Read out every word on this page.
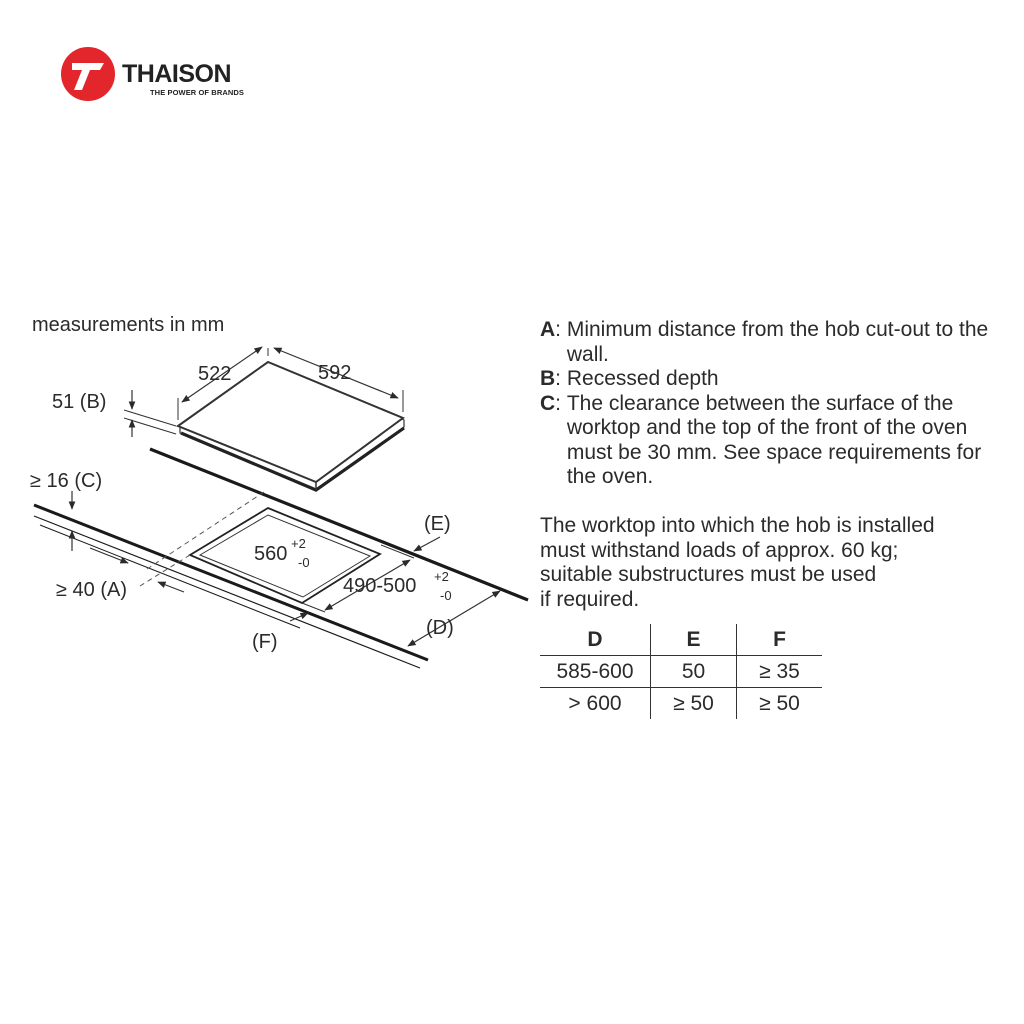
THAISON
THE POWER OF BRANDS
measurements in mm
522	592
51 (B)
≥ 16 (C)
≥ 40 (A)
(E)
(D)
(F)
560 +2
-0
490-500 +2
-0
A : Minimum distance from the hob cut-out to the wall.
B : Recessed depth
C : The clearance between the surface of the worktop and the top of the front of the oven must be 30 mm. See space requirements for the oven.
The worktop into which the hob is installed
must withstand loads of approx. 60 kg;
suitable substructures must be used
if required.
D	E	F
585-600	50	≥ 35
> 600	≥ 50	≥ 50
